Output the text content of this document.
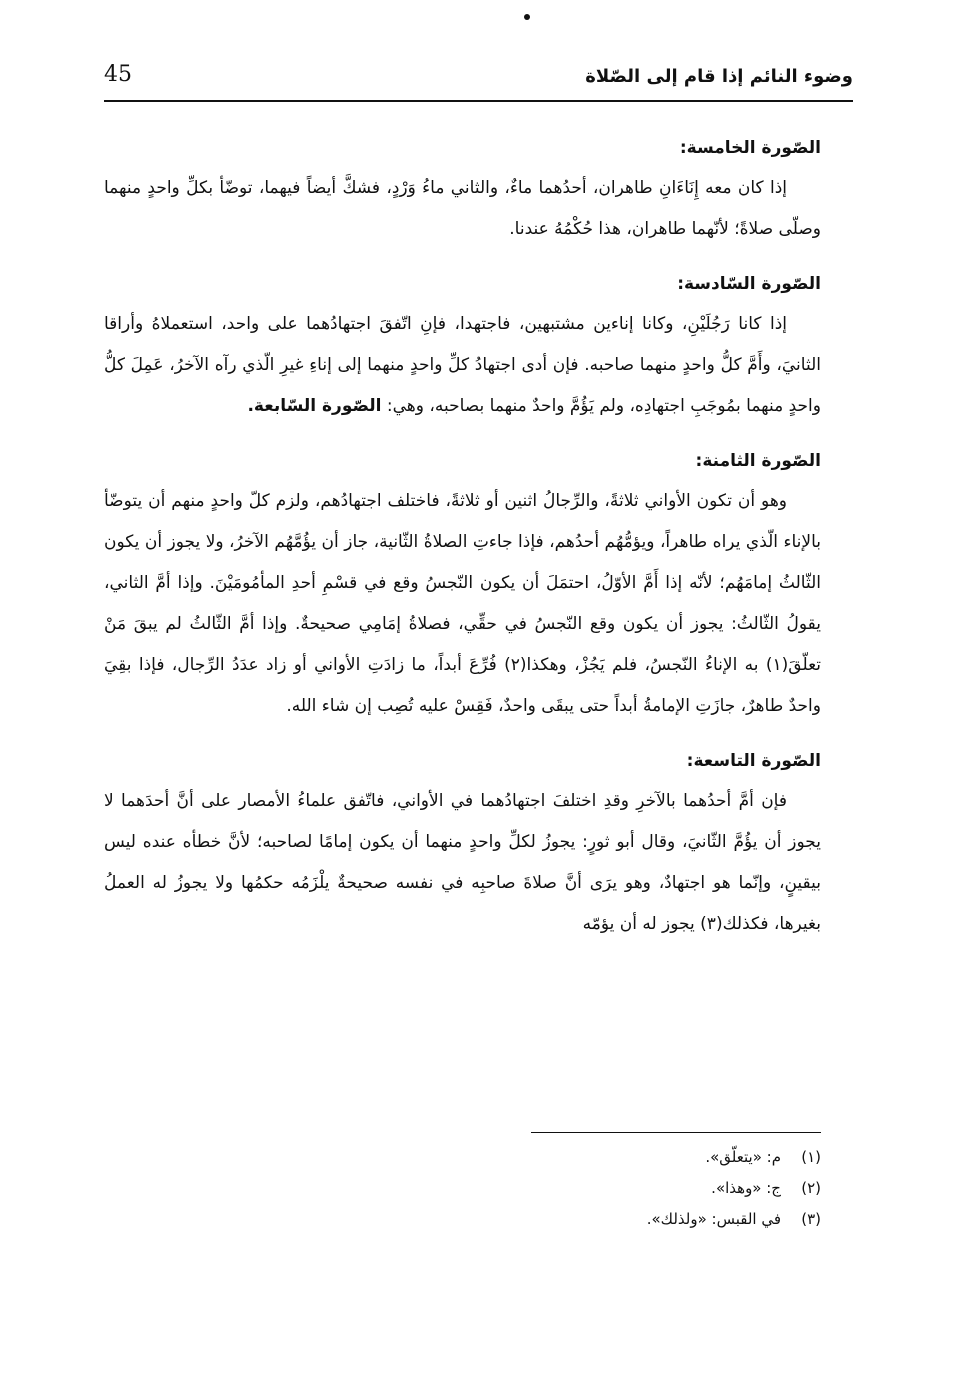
وضوء النائم إذا قام إلى الصّلاة
45

الصّورة الخامسة:

إذا كان معه إِنَاءَانِ طاهران، أحدُهما ماءٌ، والثاني ماءُ وَرْدٍ، فشكَّ أيضاً فيهما، توضّأ بكلِّ واحدٍ منهما وصلّى صلاةً؛ لأنّهما طاهران، هذا حُكْمُهُ عندنا.

الصّورة السّادسة:

إذا كانا رَجُلَيْنِ، وكانا إناءين مشتبهين، فاجتهدا، فإنِ اتّفقَ اجتهادُهما على واحد، استعملاهُ وأراقا الثانيَ، وأَمَّ كلُّ واحدٍ منهما صاحبه. فإن أدى اجتهادُ كلِّ واحدٍ منهما إلى إناءِ غيرِ الّذي رآه الآخرُ، عَمِلَ كلُّ واحدٍ منهما بمُوجَبِ اجتهادِه، ولم يَؤُمَّ واحدٌ منهما بصاحبه، وهي: الصّورة السّابعة.

الصّورة الثامنة:

وهو أن تكون الأواني ثلاثةً، والرِّجالُ اثنين أو ثلاثةً، فاختلف اجتهادُهم، ولزم كلّ واحدٍ منهم أن يتوضّأ بالإناء الّذي يراه طاهراً، ويؤمُّهُم أحدُهم، فإذا جاءتِ الصلاةُ الثّانية، جاز أن يؤُمَّهُم الآخرُ، ولا يجوز أن يكون الثّالثُ إمامَهُم؛ لأنّه إذا أَمَّ الأوّلُ، احتمَلَ أن يكون النّجسُ وقع في قسْمِ أحدِ المأمُومَيْنَ. وإذا أمَّ الثاني، يقولُ الثّالثُ: يجوز أن يكون وقع النّجسُ في حقِّي، فصلاةُ إمَامِي صحيحةٌ. وإذا أمَّ الثّالثُ لم يبقَ مَنْ تعلّقَ(١) به الإناءُ النّجسُ، فلم يَجُزْ، وهكذا(٢) فُرِّعَ أبداً، ما زادَتِ الأواني أو زاد عدَدُ الرِّجال، فإذا بقِيَ واحدٌ طاهرٌ، جازَتِ الإمامةُ أبداً حتى يبقَى واحدٌ، فَقِسْ عليه تُصِب إن شاء الله.

الصّورة التاسعة:

فإن أمَّ أحدُهما بالآخرِ وقدِ اختلفَ اجتهادُهما في الأواني، فاتّفق علماءُ الأمصار على أنَّ أحدَهما لا يجوز أن يؤُمَّ الثّانيَ، وقال أبو ثورٍ: يجوزُ لكلِّ واحدٍ منهما أن يكون إمامًا لصاحبه؛ لأنَّ خطأه عنده ليس بيقينٍ، وإنّما هو اجتهادٌ، وهو يرَى أنَّ صلاةَ صاحبِه في نفسه صحيحةٌ يلْزَمُه حكمُها ولا يجوزُ له العملُ بغيرها، فكذلك(٣) يجوز له أن يؤمّه

(١)م: «يتعلّق».
(٢)ج: «وهذا».
(٣)في القبس: «ولذلك».
